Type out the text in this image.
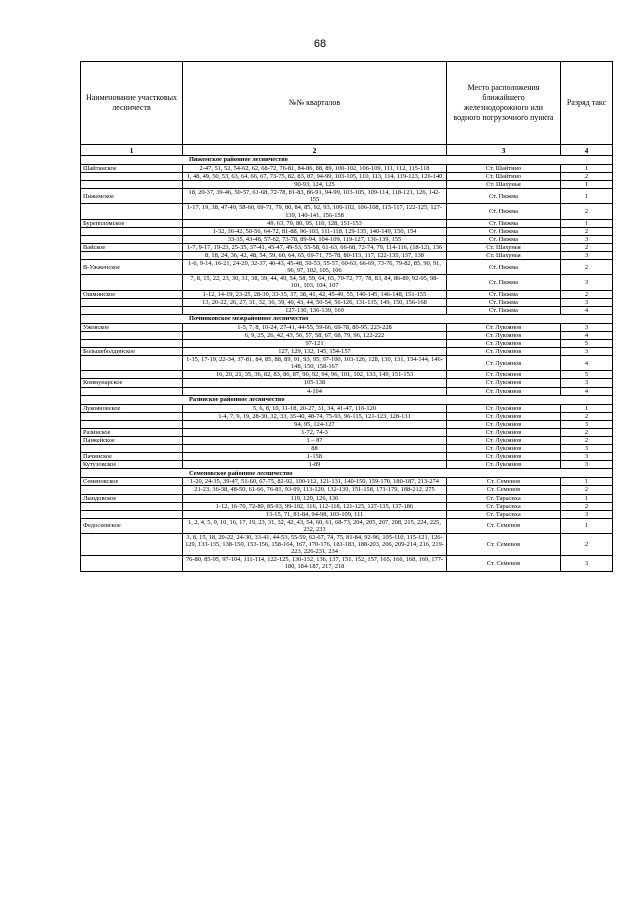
68
Наименование участковых лесничеств	№№ кварталов	Место расположения ближайшего железнодорожного или водного погрузочного пункта	Разряд такс
1	2	3	4
Пижемское районное лесничество			
Шайтанское	2-47, 51, 52, 54-62, 62, 68-72, 76-81, 84-86, 88, 89, 100-102, 106-109, 111, 112, 115-118	Ст. Шайтино	1
	1, 48, 49, 50, 53, 63, 64, 66, 67, 73-75, 82, 83, 87, 94-99, 103-105, 110, 113, 114, 119-123, 126-140	Ст. Шайтино	2
	90-93, 124, 125	Ст. Шахунья	1
Пижемское	18, 20-37, 39-46, 50-57, 61-68, 72-78, 81-83, 86-91, 94-99, 103-105, 109-114, 118-121, 126, 142-155	Ст. Пижма	1
	1-17, 19, 38, 47-49, 58-60, 69-71, 79, 80, 84, 85, 92, 93, 100-102, 106-108, 115-117, 122-125, 127-139, 140-141, 156-158	Ст. Пижма	2
Буреполомское	49, 63, 79, 80, 95, 110, 128, 151-153	Ст. Пижма	1
	1-32, 36-42, 50-56, 64-72, 81-88, 96-103, 111-118, 129-135, 140-149, 150, 154	Ст. Пижма	2
	33-35, 43-48, 57-62, 73-78, 89-94, 104-109, 119-127, 136-139, 155	Ст. Пижма	3
Вайское	1-7, 9-17, 19-23, 25-35, 37-41, 45-47, 49-53, 55-58, 61-63, 66-68, 72-74, 79, 114-116, (18-12), 136	Ст. Шахунья	2
	8, 18, 24, 36, 42, 48, 54, 59, 60, 64, 65, 69-71, 75-78, 80-113, 117, 122-135, 137, 138	Ст. Шахунья	3
В-Ужженское	1-6, 9-14, 16-21, 24-29, 32-37, 40-43, 45-48, 50-53, 55-57, 60-63, 66-69, 73-76, 79-82, 85, 90, 91, 96, 97, 102, 105, 106	Ст. Пижма	2
	7, 8, 15, 22, 23, 30, 31, 38, 39, 44, 49, 54, 58, 59, 64, 65, 70-72, 77, 78, 83, 84, 86-89, 92-95, 98-101, 103, 104, 107	Ст. Пижма	3
Ошминское	1-12, 14-19, 23-25, 28-30, 33-35, 37, 38, 41, 42, 45-49, 55, 140-145, 146-148, 151-155	Ст. Пижма	2
	13, 20-22, 26, 27, 31, 32, 36, 39, 40, 43, 44, 50-54, 56-126, 131-135, 149, 150, 156-168	Ст. Пижма	3
	127-130, 136-139, 169	Ст. Пижма	4
Починковское межрайонное лесничество			
Ужовское	1-5, 7, 8, 10-24, 27-41, 44-55, 59-66, 69-78, 80-95, 223-228	Ст. Лукоянов	3
	6, 9, 25, 26, 42, 43, 56, 57, 58, 67, 68, 79, 96, 122-222	Ст. Лукоянов	4
	97-121	Ст. Лукоянов	5
Большеболдинское	127, 129, 132, 145, 154-157	Ст. Лукоянов	3
	1-15, 17-19, 22-34, 37-81, 84, 85, 88, 89, 91, 93, 95, 97-100, 103-126, 128, 130, 131, 134-144, 146-148, 150, 158-167	Ст. Лукоянов	4
	16, 20, 21, 35, 36, 82, 83, 86, 87, 90, 92, 94, 96, 101, 102, 133, 149, 151-153	Ст. Лукоянов	5
Коммунарское	105-138	Ст. Лукоянов	3
	4-104	Ст. Лукоянов	4
Разинское районное лесничество			
Лукояновское	5, 6, 8, 10, 11-18, 20-27, 31, 34, 41-47, 116-120	Ст. Лукоянов	1
	1-4, 7, 9, 19, 28-30, 32, 33, 35-40, 48-74, 75-93, 96-115, 121-123, 128-131	Ст. Лукоянов	2
	94, 95, 124-127	Ст. Лукоянов	3
Разинское	1-72, 74-3	Ст. Лукоянов	2
Панкейское	1 – 87	Ст. Лукоянов	2
	88	Ст. Лукоянов	3
Пачинское	1-158	Ст. Лукоянов	3
Кутузовское	1-89	Ст. Лукоянов	3
Семеновское районное лесничество			
Семеновское	1-20, 24-35, 39-47, 51-60, 67-75, 82-92, 100-112, 121-131, 140-150, 159-170, 180-187, 213-274	Ст. Семенов	1
	21-23, 36-38, 48-50, 61-66, 76-81, 93-99, 113-120, 132-139, 151-158, 171-179, 188-212, 275	Ст. Семенов	2
Лындовское	119, 120, 126, 136	Ст. Тарасиха	1
	1-12, 16-70, 72-80, 85-93, 99-102, 116, 112-118, 121-125, 127-135, 137-186	Ст. Тарасиха	2
	13-15, 71, 81-84, 94-98, 103-109, 111	Ст. Тарасиха	3
Федосеевское	1, 2, 4, 5, 9, 10, 16, 17, 19, 23, 31, 32, 42, 43, 54, 60, 61, 68-73, 204, 205, 207, 208, 215, 224, 225, 232, 233	Ст. Семенов	1
	3, 8, 15, 18, 20-22, 24-30, 33-41, 44-53, 55-59, 62-67, 74, 75, 81-84, 92-96, 105-110, 115-121, 126-129, 133-135, 138-150, 153-156, 158-164, 167, 170-176, 181-183, 188-203, 206, 209-214, 216, 219-223, 226-231, 234	Ст. Семенов	2
	76-80, 85-95, 97-104, 111-114, 122-125, 130-132, 136, 137, 151, 152, 157, 165, 166, 168, 169, 177-180, 184-187, 217, 218	Ст. Семенов	3
